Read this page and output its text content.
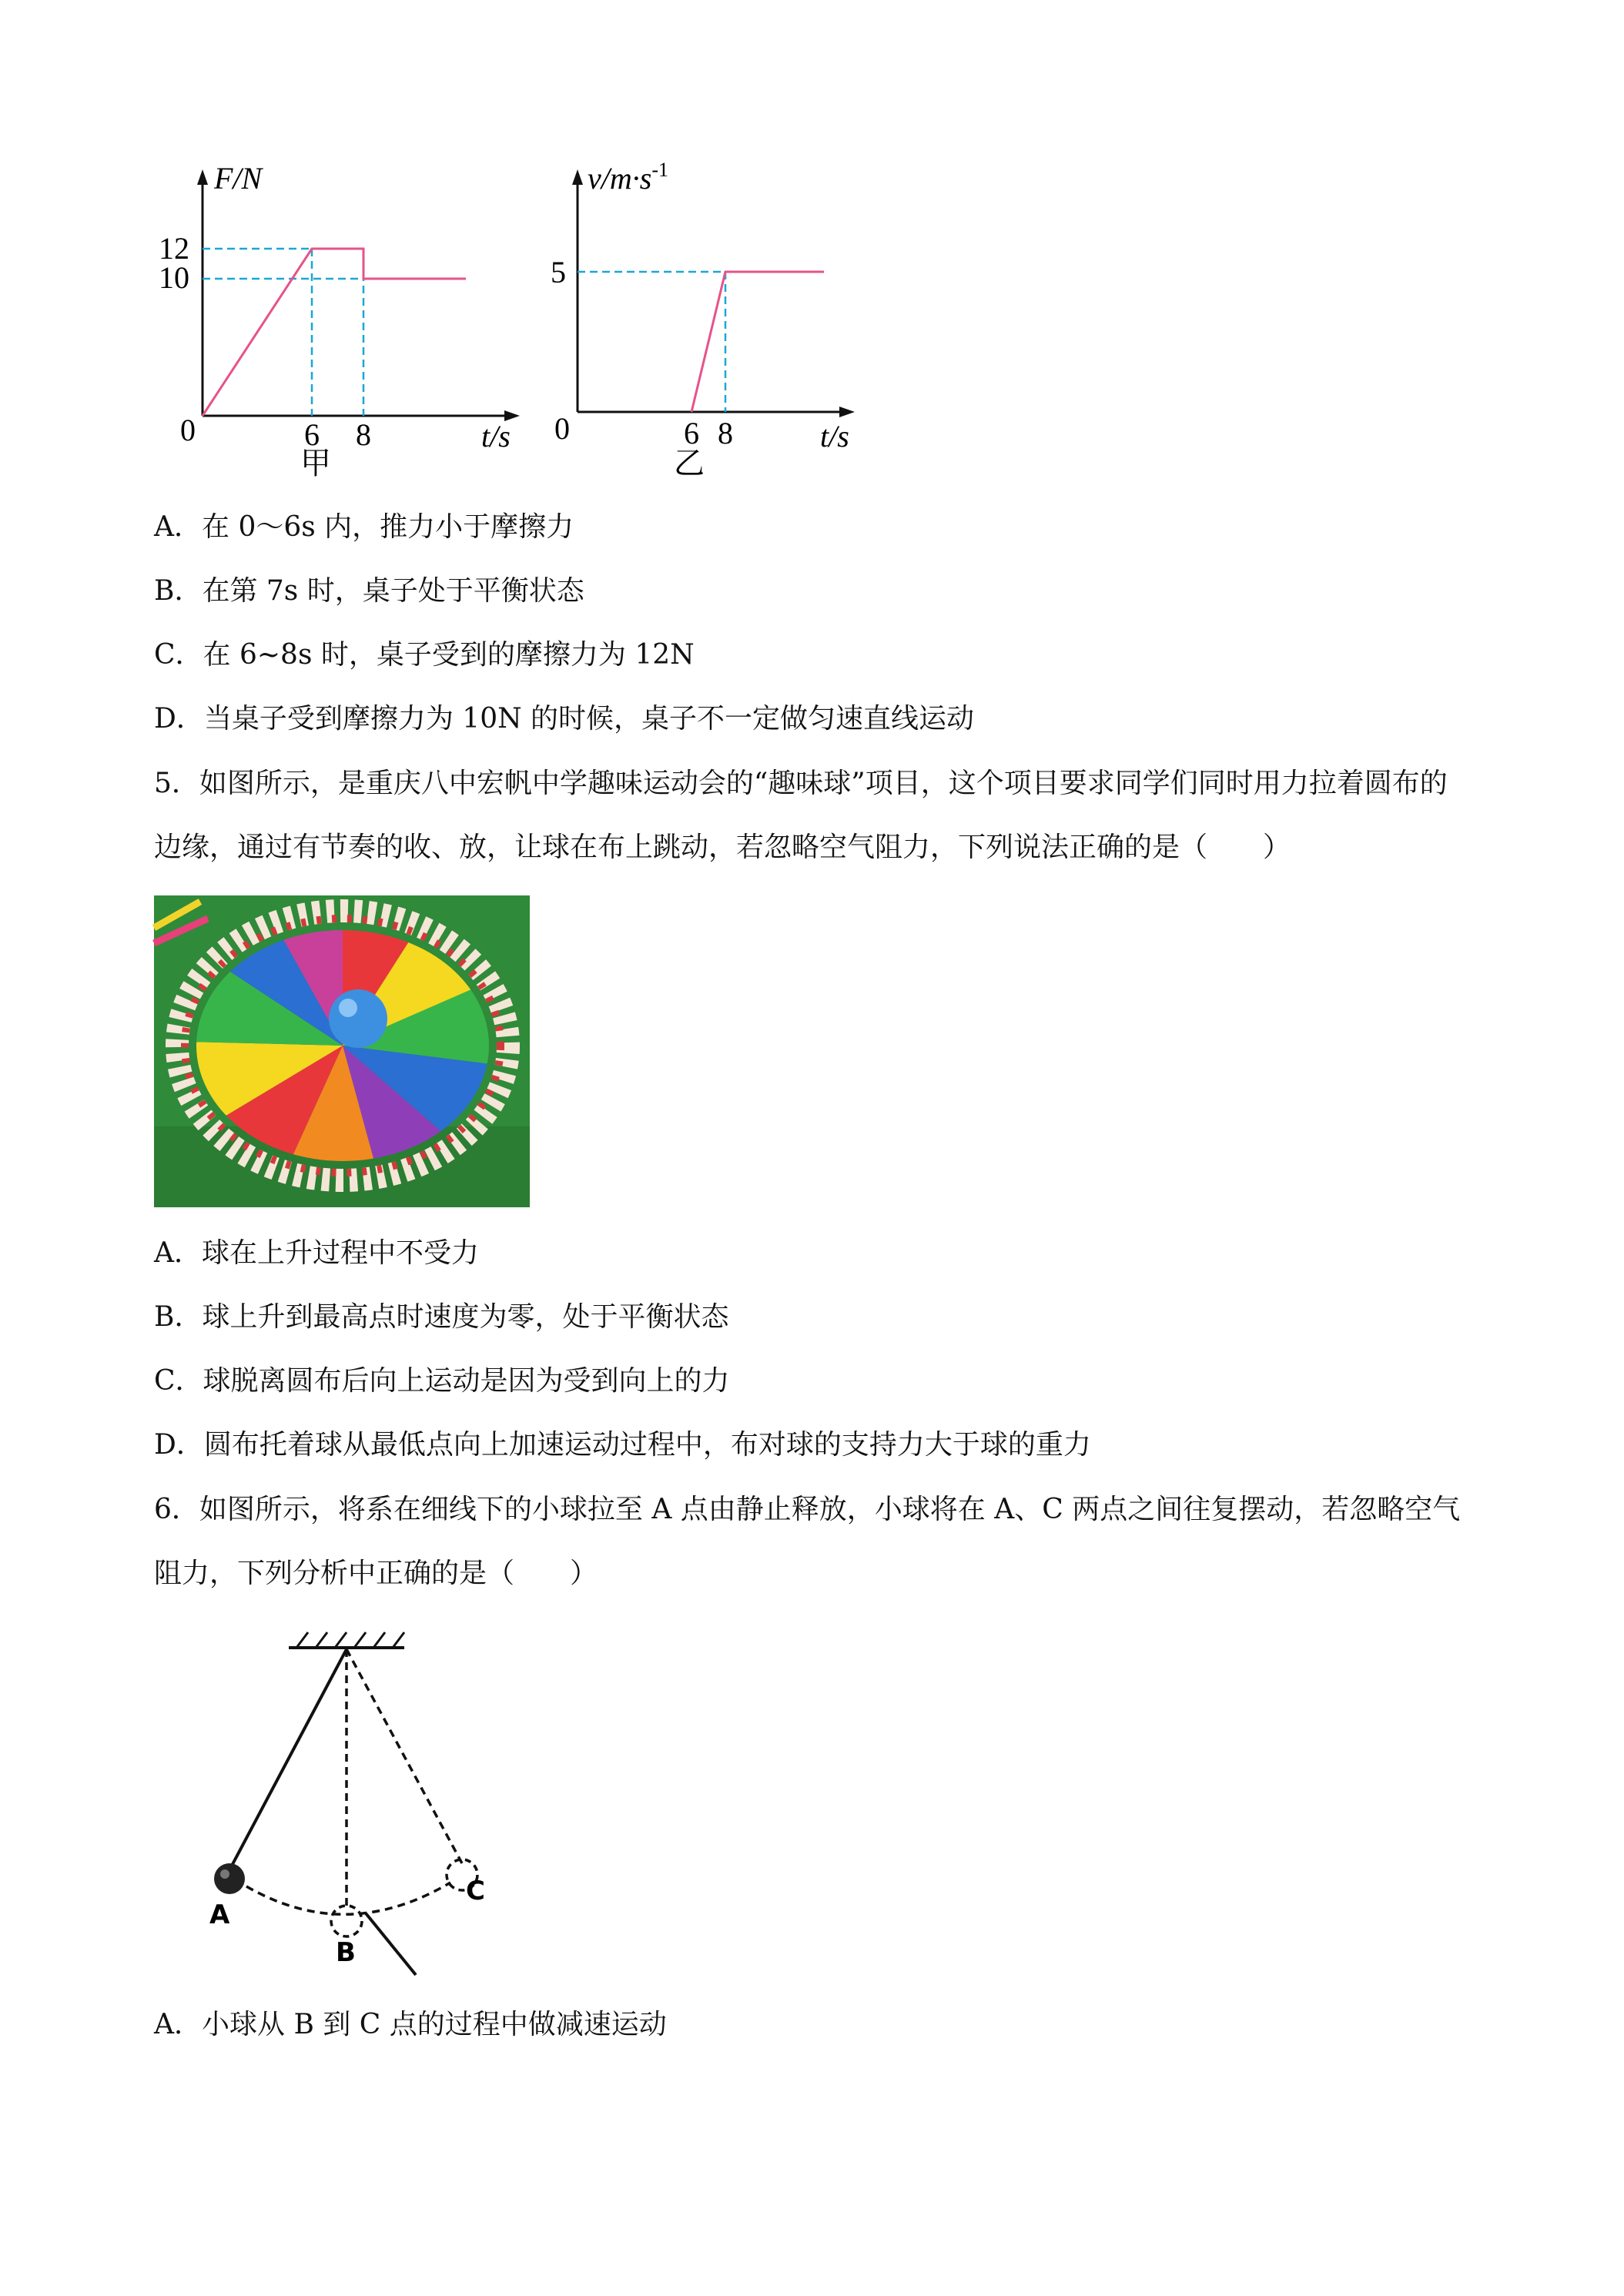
F/N
12
10
0	6 8	t/s
甲
$v/m\cdot s^{-1}$
5
0	6 8	t/s
乙
A．在 0～6s 内，推力小于摩擦力
B．在第 7s 时，桌子处于平衡状态
C．在 6~8s 时，桌子受到的摩擦力为 12N
D．当桌子受到摩擦力为 10N 的时候，桌子不一定做匀速直线运动
5．如图所示，是重庆八中宏帆中学趣味运动会的“趣味球”项目，这个项目要求同学们同时用力拉着圆布的
边缘，通过有节奏的收、放，让球在布上跳动，若忽略空气阻力，下列说法正确的是（　　）
A．球在上升过程中不受力
B．球上升到最高点时速度为零，处于平衡状态
C．球脱离圆布后向上运动是因为受到向上的力
D．圆布托着球从最低点向上加速运动过程中，布对球的支持力大于球的重力
6．如图所示，将系在细线下的小球拉至 A 点由静止释放，小球将在 A、C 两点之间往复摆动，若忽略空气
阻力，下列分析中正确的是（　　）
A
B
C
A．小球从 B 到 C 点的过程中做减速运动
